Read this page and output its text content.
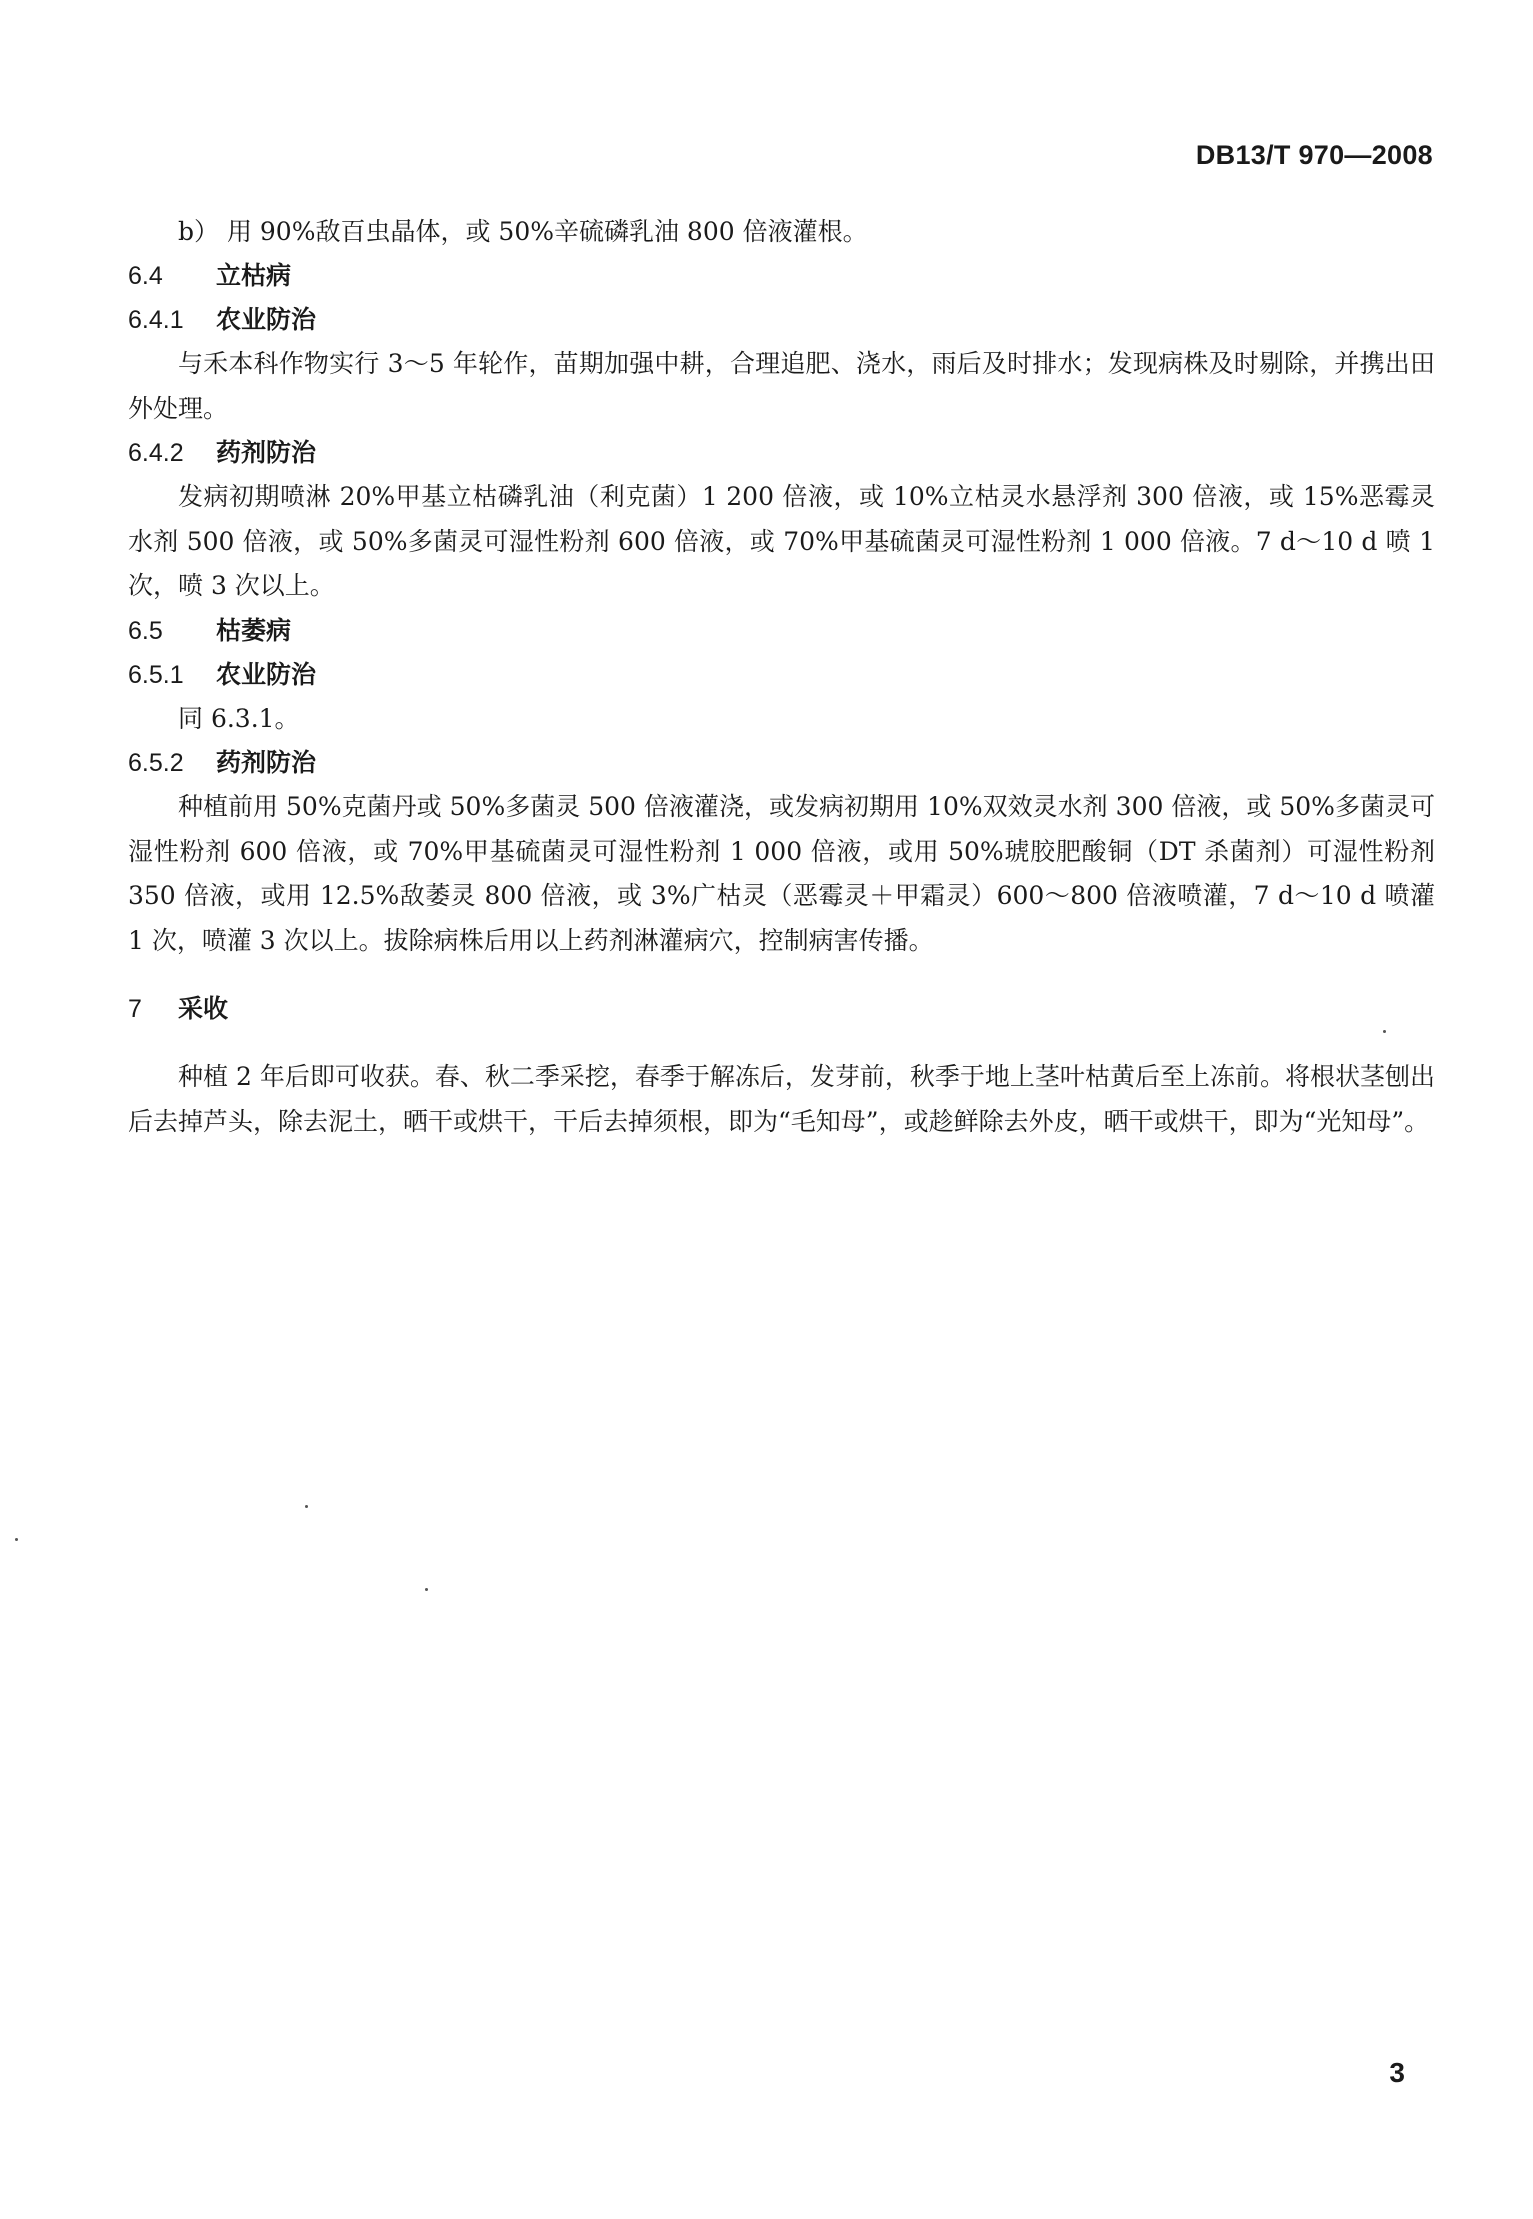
DB13/T 970—2008
b） 用 90%敌百虫晶体，或 50%辛硫磷乳油 800 倍液灌根。
6.4 立枯病
6.4.1 农业防治

与禾本科作物实行 3～5 年轮作，苗期加强中耕，合理追肥、浇水，雨后及时排水；发现病株及时剔除，并携出田外处理。

6.4.2 药剂防治

发病初期喷淋 20%甲基立枯磷乳油（利克菌）1 200 倍液，或 10%立枯灵水悬浮剂 300 倍液，或 15%恶霉灵水剂 500 倍液，或 50%多菌灵可湿性粉剂 600 倍液，或 70%甲基硫菌灵可湿性粉剂 1 000 倍液。7 d～10 d 喷 1 次，喷 3 次以上。

6.5 枯萎病
6.5.1 农业防治

同 6.3.1。

6.5.2 药剂防治

种植前用 50%克菌丹或 50%多菌灵 500 倍液灌浇，或发病初期用 10%双效灵水剂 300 倍液，或 50%多菌灵可湿性粉剂 600 倍液，或 70%甲基硫菌灵可湿性粉剂 1 000 倍液，或用 50%琥胶肥酸铜（DT 杀菌剂）可湿性粉剂 350 倍液，或用 12.5%敌萎灵 800 倍液，或 3%广枯灵（恶霉灵＋甲霜灵）600～800 倍液喷灌，7 d～10 d 喷灌 1 次，喷灌 3 次以上。拔除病株后用以上药剂淋灌病穴，控制病害传播。

7 采收

种植 2 年后即可收获。春、秋二季采挖，春季于解冻后，发芽前，秋季于地上茎叶枯黄后至上冻前。将根状茎刨出后去掉芦头，除去泥土，晒干或烘干，干后去掉须根，即为“毛知母”，或趁鲜除去外皮，晒干或烘干，即为“光知母”。

3
